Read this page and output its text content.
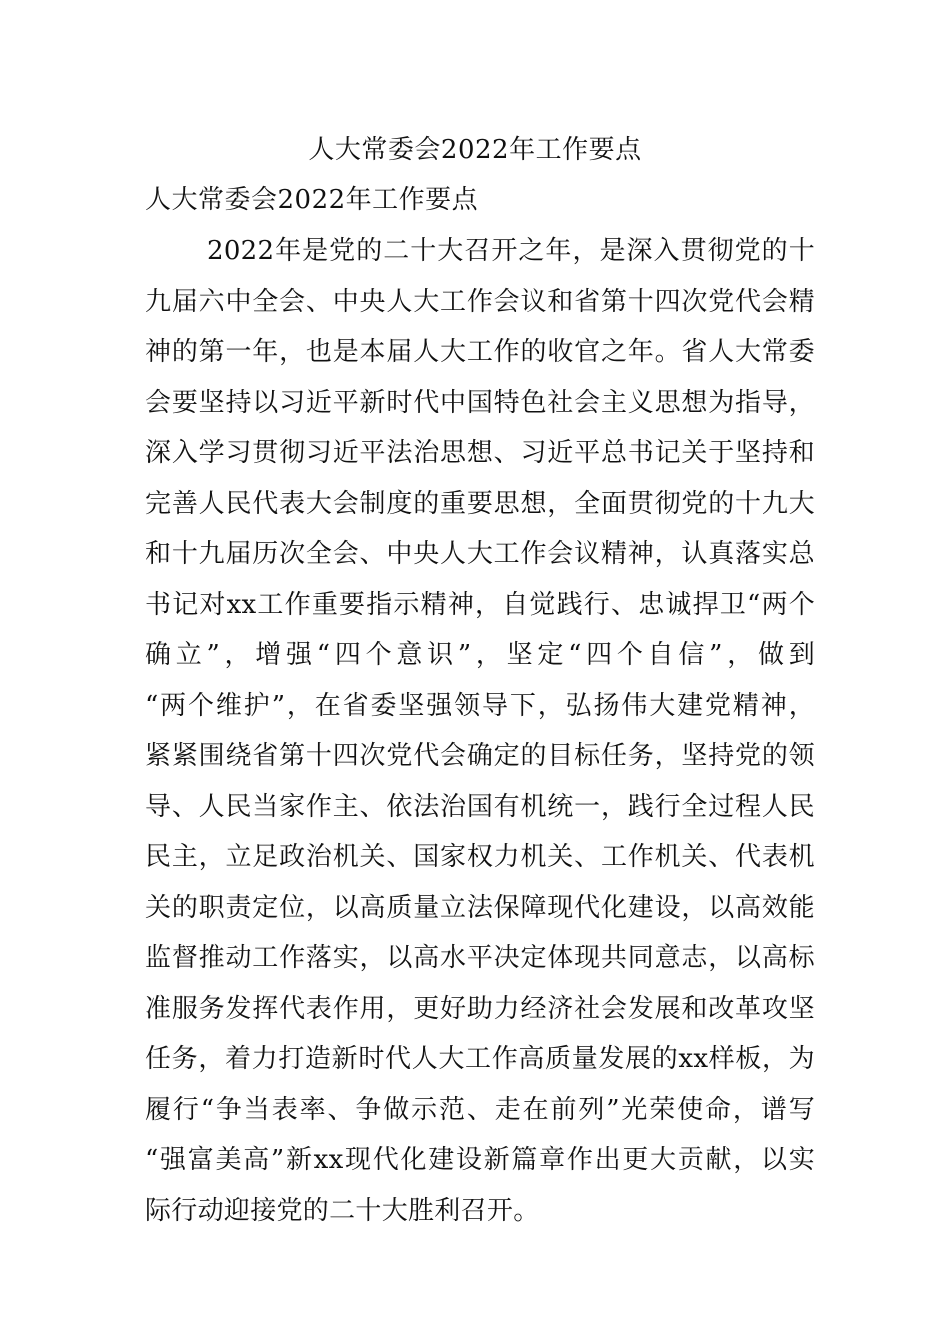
人大常委会2022年工作要点
人大常委会2022年工作要点
2022年是党的二十大召开之年，是深入贯彻党的十
九届六中全会、中央人大工作会议和省第十四次党代会精
神的第一年，也是本届人大工作的收官之年。省人大常委
会要坚持以习近平新时代中国特色社会主义思想为指导，
深入学习贯彻习近平法治思想、习近平总书记关于坚持和
完善人民代表大会制度的重要思想，全面贯彻党的十九大
和十九届历次全会、中央人大工作会议精神，认真落实总
书记对xx工作重要指示精神，自觉践行、忠诚捍卫“两个
确立”，增强“四个意识”，坚定“四个自信”，做到
“两个维护”，在省委坚强领导下，弘扬伟大建党精神，
紧紧围绕省第十四次党代会确定的目标任务，坚持党的领
导、人民当家作主、依法治国有机统一，践行全过程人民
民主，立足政治机关、国家权力机关、工作机关、代表机
关的职责定位，以高质量立法保障现代化建设，以高效能
监督推动工作落实，以高水平决定体现共同意志，以高标
准服务发挥代表作用，更好助力经济社会发展和改革攻坚
任务，着力打造新时代人大工作高质量发展的xx样板，为
履行“争当表率、争做示范、走在前列”光荣使命，谱写
“强富美高”新xx现代化建设新篇章作出更大贡献，以实
际行动迎接党的二十大胜利召开。
